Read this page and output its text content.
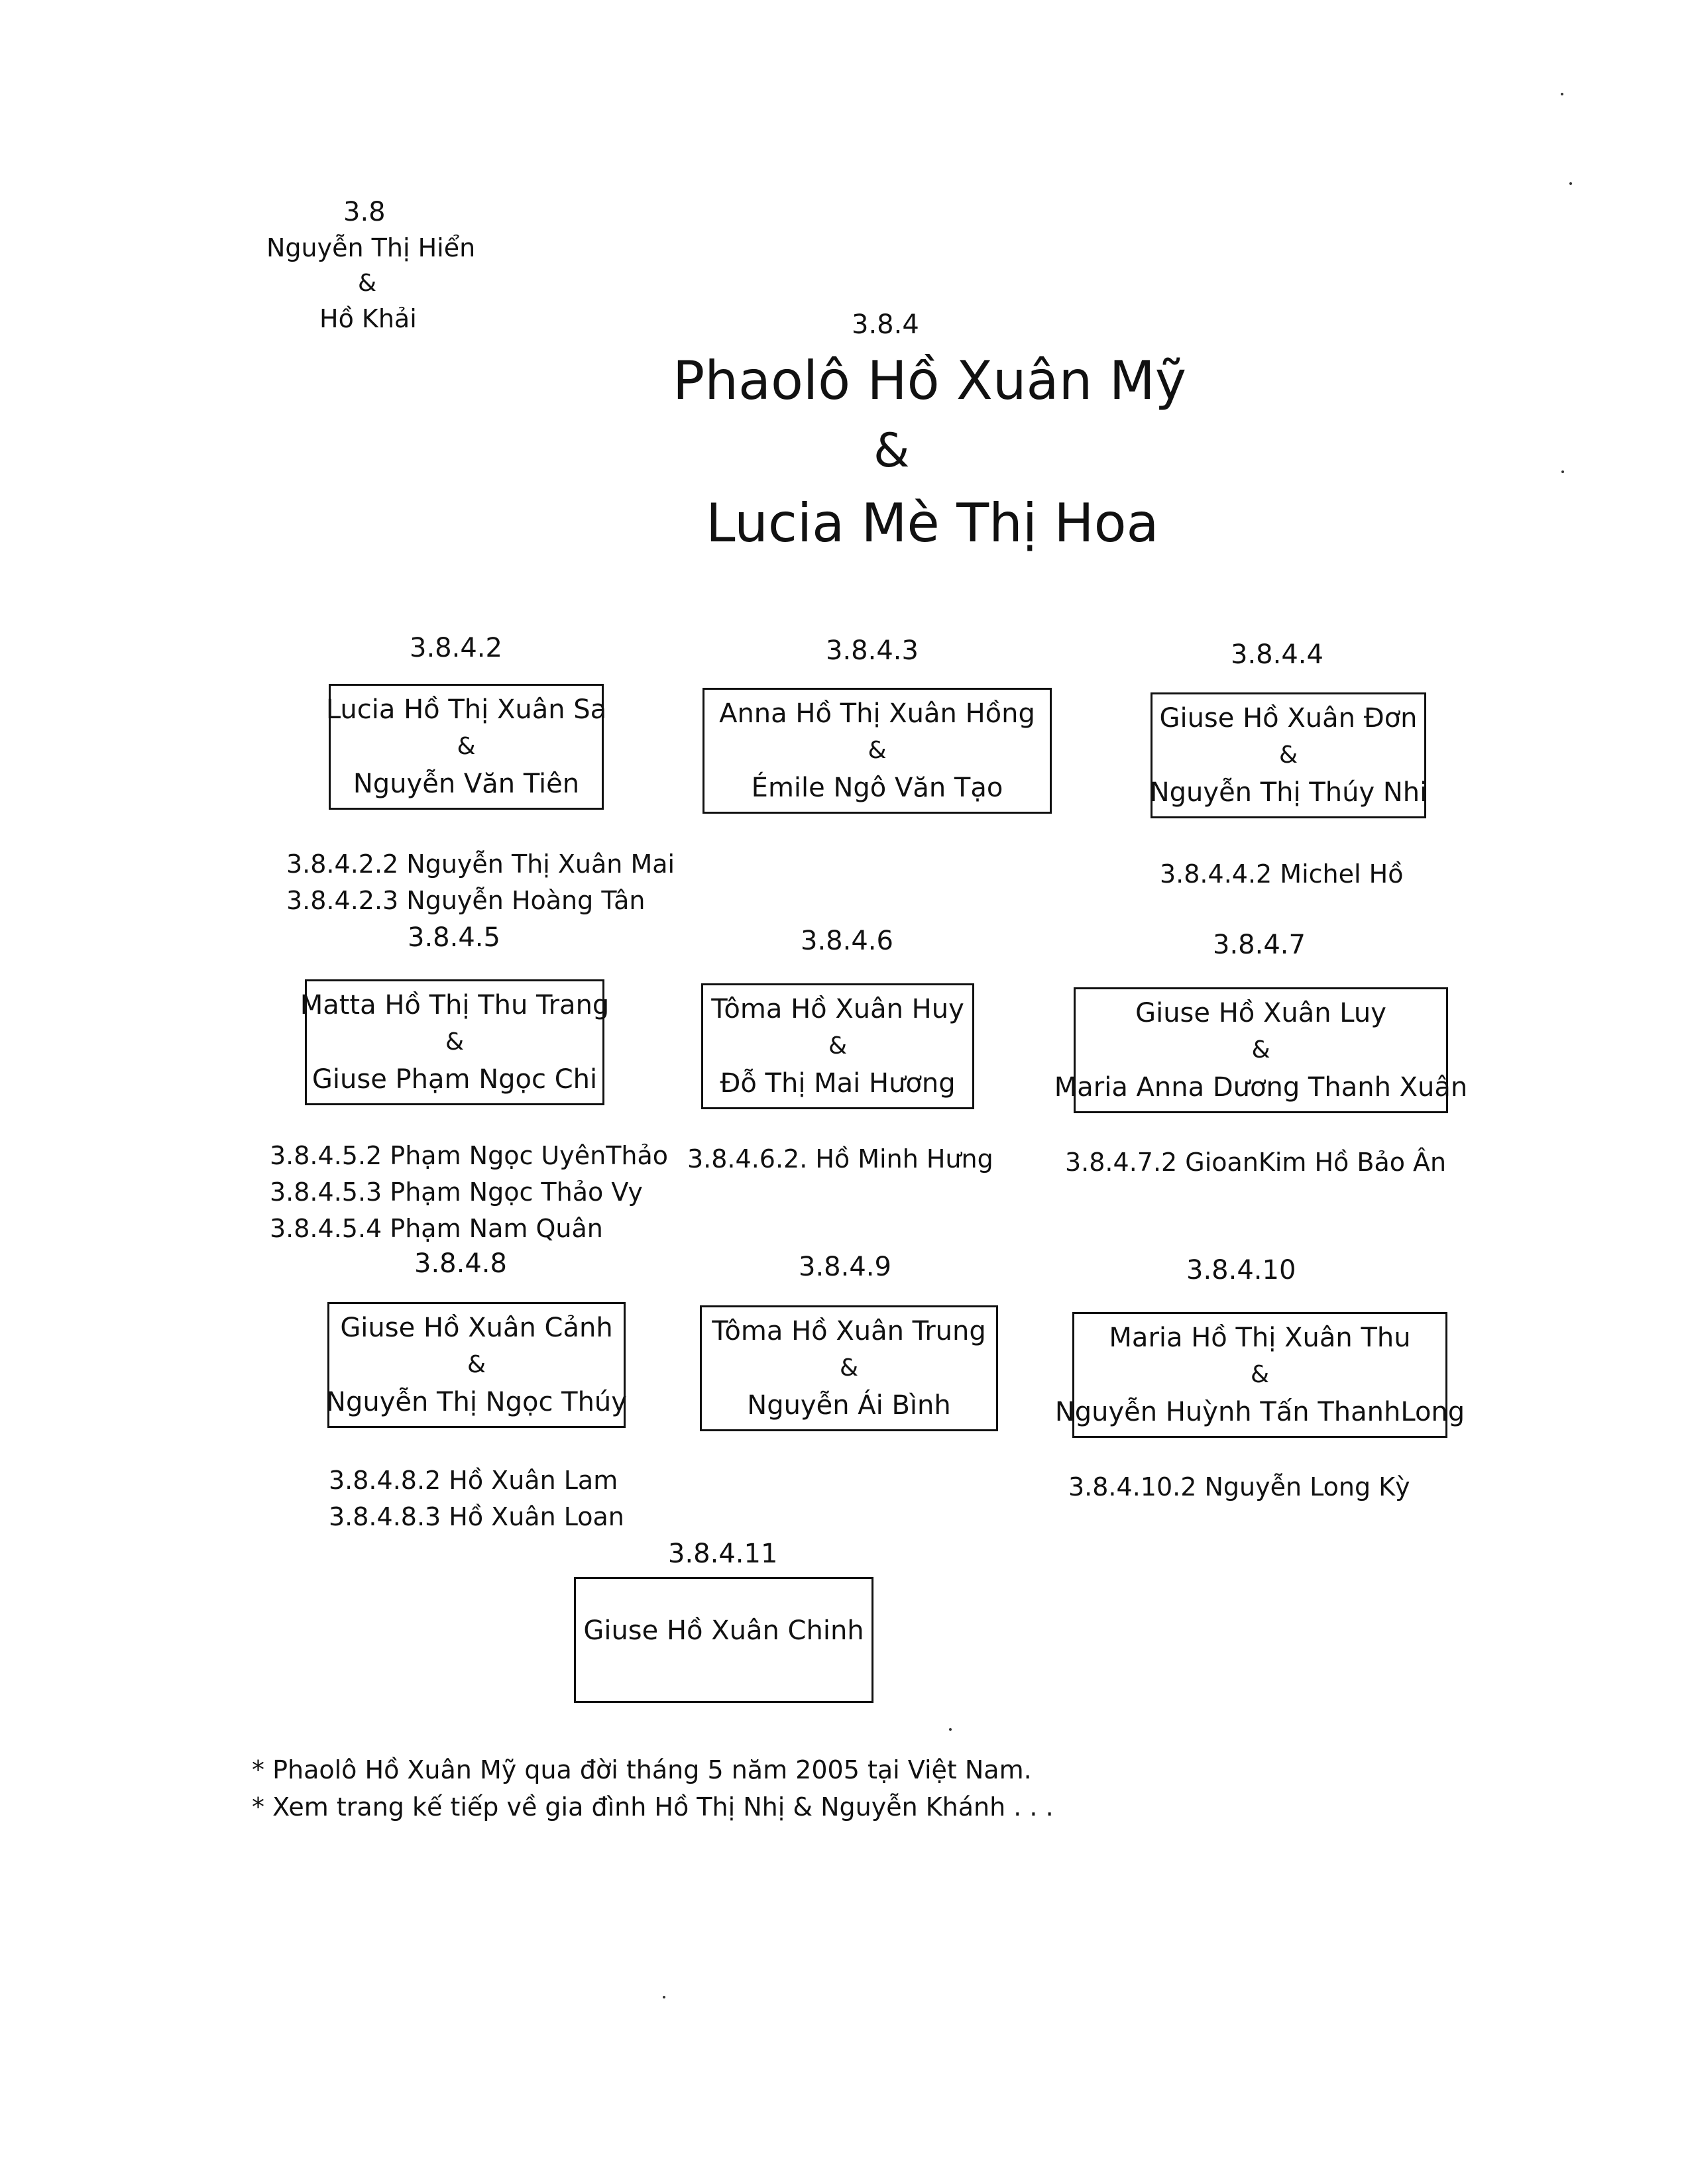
3.8
Nguyễn Thị Hiển
&
Hồ Khải	3.8.4
Phaolô Hồ Xuân Mỹ
&
Lucia Mè Thị Hoa
3.8.4.2
Lucia Hồ Thị Xuân Sa
&
Nguyễn Văn Tiên
3.8.4.2.2 Nguyễn Thị Xuân Mai
3.8.4.2.3 Nguyễn Hoàng Tân
3.8.4.3
Anna Hồ Thị Xuân Hồng
&
Émile Ngô Văn Tạo
3.8.4.4
Giuse Hồ Xuân Đơn
&
Nguyễn Thị Thúy Nhi
3.8.4.4.2 Michel Hồ
3.8.4.5
Matta Hồ Thị Thu Trang
&
Giuse Phạm Ngọc Chi
3.8.4.5.2 Phạm Ngọc UyênThảo
3.8.4.5.3 Phạm Ngọc Thảo Vy
3.8.4.5.4 Phạm Nam Quân
3.8.4.6
Tôma Hồ Xuân Huy
&
Đỗ Thị Mai Hương
3.8.4.6.2. Hồ Minh Hưng
3.8.4.7
Giuse Hồ Xuân Luy
&
Maria Anna Dương Thanh Xuân
3.8.4.7.2 GioanKim Hồ Bảo Ân
3.8.4.8
Giuse Hồ Xuân Cảnh
&
Nguyễn Thị Ngọc Thúy
3.8.4.8.2 Hồ Xuân Lam
3.8.4.8.3 Hồ Xuân Loan
3.8.4.9
Tôma Hồ Xuân Trung
&
Nguyễn Ái Bình
3.8.4.10
Maria Hồ Thị Xuân Thu
&
Nguyễn Huỳnh Tấn ThanhLong
3.8.4.10.2 Nguyễn Long Kỳ
3.8.4.11
Giuse Hồ Xuân Chinh
* Phaolô Hồ Xuân Mỹ qua đời tháng 5 năm 2005 tại Việt Nam.
* Xem trang kế tiếp về gia đình Hồ Thị Nhị & Nguyễn Khánh . . .
